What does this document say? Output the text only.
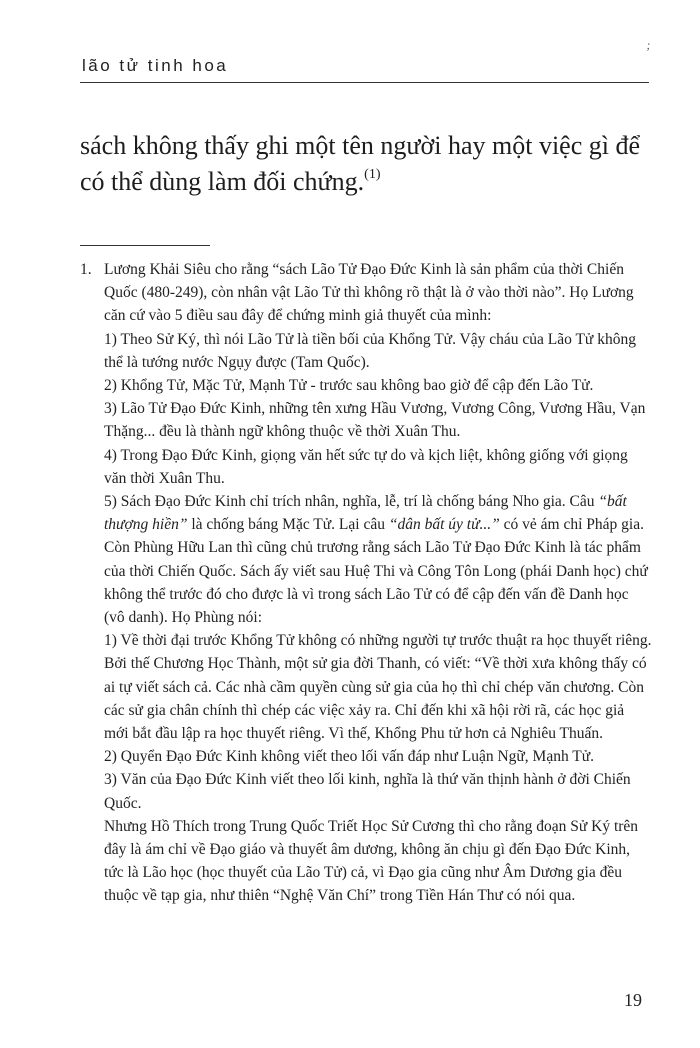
;
lão tử tinh hoa

sách không thấy ghi một tên người hay một việc gì để có thể dùng làm đối chứng.$^{(1)}$

1. Lương Khải Siêu cho rằng “sách Lão Tử Đạo Đức Kinh là sản phẩm của thời Chiến Quốc (480-249), còn nhân vật Lão Tử thì không rõ thật là ở vào thời nào”. Họ Lương căn cứ vào 5 điều sau đây để chứng minh giả thuyết của mình:

1) Theo Sử Ký, thì nói Lão Tử là tiền bối của Khổng Tử. Vậy cháu của Lão Tử không thể là tướng nước Ngụy được (Tam Quốc).

2) Khổng Tử, Mặc Tử, Mạnh Tử - trước sau không bao giờ để cập đến Lão Tử.

3) Lão Tử Đạo Đức Kinh, những tên xưng Hầu Vương, Vương Công, Vương Hầu, Vạn Thặng... đều là thành ngữ không thuộc về thời Xuân Thu.

4) Trong Đạo Đức Kinh, giọng văn hết sức tự do và kịch liệt, không giống với giọng văn thời Xuân Thu.

5) Sách Đạo Đức Kinh chỉ trích nhân, nghĩa, lễ, trí là chống báng Nho gia. Câu “bất thượng hiền” là chống báng Mặc Tử. Lại câu “dân bất úy tử...” có vẻ ám chỉ Pháp gia.

Còn Phùng Hữu Lan thì cũng chủ trương rằng sách Lão Tử Đạo Đức Kinh là tác phẩm của thời Chiến Quốc. Sách ấy viết sau Huệ Thi và Công Tôn Long (phái Danh học) chứ không thể trước đó cho được là vì trong sách Lão Tử có để cập đến vấn đề Danh học (vô danh). Họ Phùng nói:

1) Về thời đại trước Khổng Tử không có những người tự trước thuật ra học thuyết riêng. Bởi thế Chương Học Thành, một sử gia đời Thanh, có viết: “Về thời xưa không thấy có ai tự viết sách cả. Các nhà cầm quyền cùng sử gia của họ thì chỉ chép văn chương. Còn các sử gia chân chính thì chép các việc xảy ra. Chỉ đến khi xã hội rời rã, các học giả mới bắt đầu lập ra học thuyết riêng. Vì thế, Khổng Phu tử hơn cả Nghiêu Thuấn.

2) Quyển Đạo Đức Kinh không viết theo lối vấn đáp như Luận Ngữ, Mạnh Tử.

3) Văn của Đạo Đức Kinh viết theo lối kinh, nghĩa là thứ văn thịnh hành ở đời Chiến Quốc.

Nhưng Hồ Thích trong Trung Quốc Triết Học Sử Cương thì cho rằng đoạn Sử Ký trên đây là ám chỉ về Đạo giáo và thuyết âm dương, không ăn chịu gì đến Đạo Đức Kinh, tức là Lão học (học thuyết của Lão Tử) cả, vì Đạo gia cũng như Âm Dương gia đều thuộc về tạp gia, như thiên “Nghệ Văn Chí” trong Tiền Hán Thư có nói qua.

19
